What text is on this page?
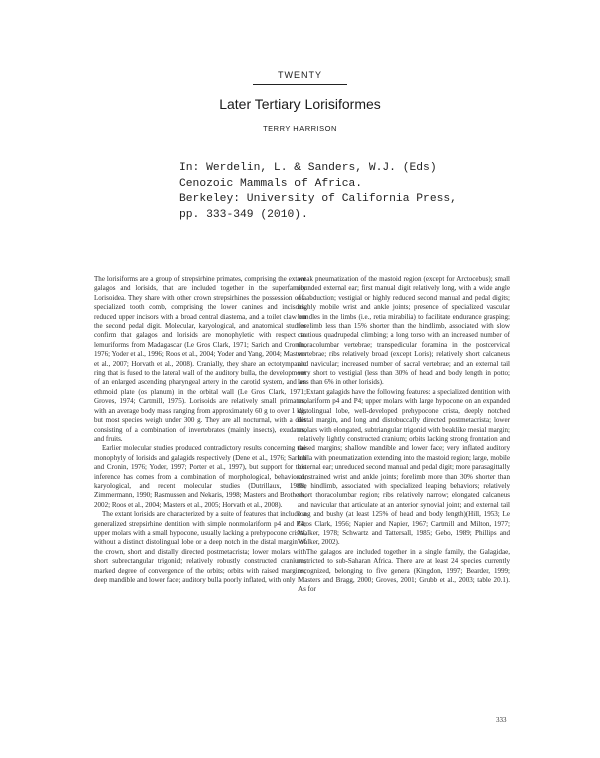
TWENTY
Later Tertiary Lorisiformes
TERRY HARRISON
In: Werdelin, L. & Sanders, W.J. (Eds)
Cenozoic Mammals of Africa.
Berkeley: University of California Press,
pp. 333-349 (2010).

The lorisiforms are a group of strepsirhine primates, comprising the extant galagos and lorisids, that are included together in the superfamily Lorisoidea. They share with other crown strepsirhines the possession of a specialized tooth comb, comprising the lower canines and incisors, reduced upper incisors with a broad central diastema, and a toilet claw on the second pedal digit. Molecular, karyological, and anatomical studies confirm that galagos and lorisids are monophyletic with respect to lemuriforms from Madagascar (Le Gros Clark, 1971; Sarich and Cronin, 1976; Yoder et al., 1996; Roos et al., 2004; Yoder and Yang, 2004; Masters et al., 2007; Horvath et al., 2008). Cranially, they share an ectotympanic ring that is fused to the lateral wall of the auditory bulla, the development of an enlarged ascending pharyngeal artery in the carotid system, and an ethmoid plate (os planum) in the orbital wall (Le Gros Clark, 1971; Groves, 1974; Cartmill, 1975). Lorisoids are relatively small primates, with an average body mass ranging from approximately 60 g to over 1 kg, but most species weigh under 300 g. They are all nocturnal, with a diet consisting of a combination of invertebrates (mainly insects), exudates, and fruits.

Earlier molecular studies produced contradictory results concerning the monophyly of lorisids and galagids respectively (Dene et al., 1976; Sarich and Cronin, 1976; Yoder, 1997; Porter et al., 1997), but support for this inference has comes from a combination of morphological, behavioral, karyological, and recent molecular studies (Dutrillaux, 1988; Zimmermann, 1990; Rasmussen and Nekaris, 1998; Masters and Brothers, 2002; Roos et al., 2004; Masters et al., 2005; Horvath et al., 2008).

The extant lorisids are characterized by a suite of features that include a generalized strepsirhine dentition with simple nonmolariform p4 and P4; upper molars with a small hypocone, usually lacking a prehypocone crista, without a distinct distolingual lobe or a deep notch in the distal margin of the crown, short and distally directed postmetacrista; lower molars with short subrectangular trigonid; relatively robustly constructed cranium; marked degree of convergence of the orbits; orbits with raised margins; deep mandible and lower face; auditory bulla poorly inflated, with only

weak pneumatization of the mastoid region (except for Arctocebus); small rounded external ear; first manual digit relatively long, with a wide angle of abduction; vestigial or highly reduced second manual and pedal digits; highly mobile wrist and ankle joints; presence of specialized vascular bundles in the limbs (i.e., retia mirabilia) to facilitate endurance grasping; forelimb less than 15% shorter than the hindlimb, associated with slow cautious quadrupedal climbing; a long torso with an increased number of thoracolumbar vertebrae; transpedicular foramina in the postcervical vertebrae; ribs relatively broad (except Loris); relatively short calcaneus and navicular; increased number of sacral vertebrae; and an external tail very short to vestigial (less than 30% of head and body length in potto; less than 6% in other lorisids).

Extant galagids have the following features: a specialized dentition with molariform p4 and P4; upper molars with large hypocone on an expanded distolingual lobe, well-developed prehypocone crista, deeply notched distal margin, and long and distobuccally directed postmetacrista; lower molars with elongated, subtriangular trigonid with beaklike mesial margin; relatively lightly constructed cranium; orbits lacking strong frontation and raised margins; shallow mandible and lower face; very inflated auditory bulla with pneumatization extending into the mastoid region; large, mobile external ear; unreduced second manual and pedal digit; more parasagittally constrained wrist and ankle joints; forelimb more than 30% shorter than the hindlimb, associated with specialized leaping behaviors; relatively short thoracolumbar region; ribs relatively narrow; elongated calcaneus and navicular that articulate at an anterior synovial joint; and external tail long and bushy (at least 125% of head and body length)(Hill, 1953; Le Gros Clark, 1956; Napier and Napier, 1967; Cartmill and Milton, 1977; Walker, 1978; Schwartz and Tattersall, 1985; Gebo, 1989; Phillips and Walker, 2002).

The galagos are included together in a single family, the Galagidae, restricted to sub-Saharan Africa. There are at least 24 species currently recognized, belonging to five genera (Kingdon, 1997; Bearder, 1999; Masters and Bragg, 2000; Groves, 2001; Grubb et al., 2003; table 20.1). As for

333
